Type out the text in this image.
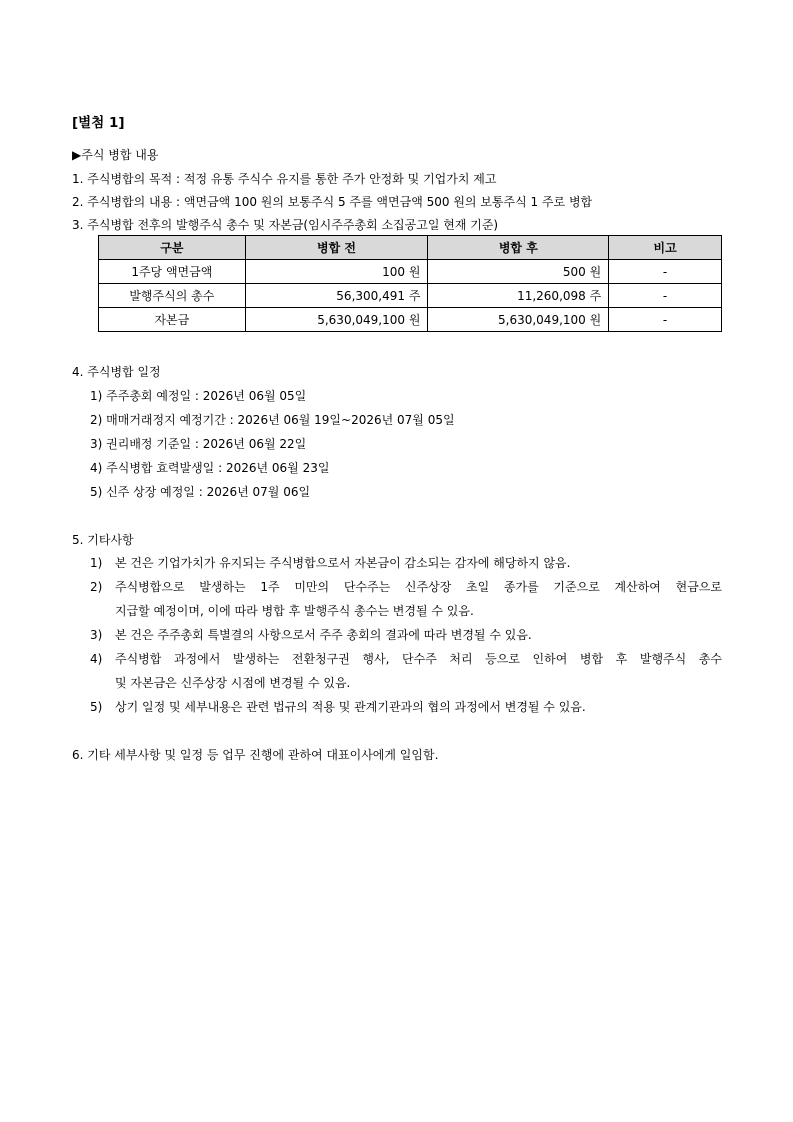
[별첨 1]
▶주식 병합 내용
1. 주식병합의 목적 : 적정 유통 주식수 유지를 통한 주가 안정화 및 기업가치 제고
2. 주식병합의 내용 : 액면금액 100 원의 보통주식 5 주를 액면금액 500 원의 보통주식 1 주로 병합
3. 주식병합 전후의 발행주식 총수 및 자본금(임시주주총회 소집공고일 현재 기준)
구분	병합 전	병합 후	비고
1주당 액면금액	100 원	500 원	-
발행주식의 총수	56,300,491 주	11,260,098 주	-
자본금	5,630,049,100 원	5,630,049,100 원	-
4. 주식병합 일정
1) 주주총회 예정일 : 2026년 06월 05일
2) 매매거래정지 예정기간 : 2026년 06월 19일~2026년 07월 05일
3) 권리배정 기준일 : 2026년 06월 22일
4) 주식병합 효력발생일 : 2026년 06월 23일
5) 신주 상장 예정일 : 2026년 07월 06일
5. 기타사항
1) 본 건은 기업가치가 유지되는 주식병합으로서 자본금이 감소되는 감자에 해당하지 않음.
2) 주식병합으로 발생하는 1주 미만의 단수주는 신주상장 초일 종가를 기준으로 계산하여 현금으로
지급할 예정이며, 이에 따라 병합 후 발행주식 총수는 변경될 수 있음.
3) 본 건은 주주총회 특별결의 사항으로서 주주 총회의 결과에 따라 변경될 수 있음.
4) 주식병합 과정에서 발생하는 전환청구권 행사, 단수주 처리 등으로 인하여 병합 후 발행주식 총수
및 자본금은 신주상장 시점에 변경될 수 있음.
5) 상기 일정 및 세부내용은 관련 법규의 적용 및 관계기관과의 협의 과정에서 변경될 수 있음.
6. 기타 세부사항 및 일정 등 업무 진행에 관하여 대표이사에게 일임함.
